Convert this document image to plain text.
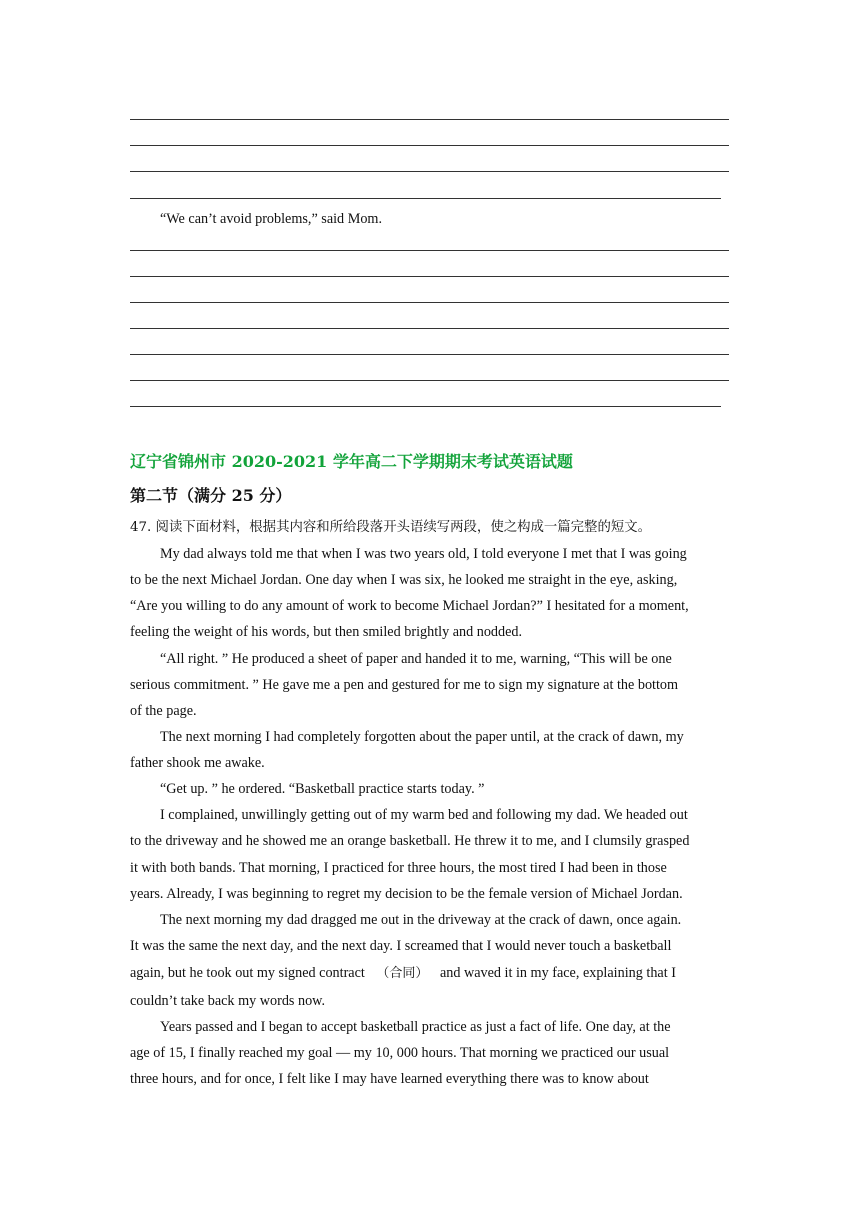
“We can’t avoid problems,” said Mom.
辽宁省锦州市 2020-2021 学年高二下学期期末考试英语试题
第二节（满分 25 分）
47. 阅读下面材料，根据其内容和所给段落开头语续写两段，使之构成一篇完整的短文。
My dad always told me that when I was two years old, I told everyone I met that I was going
to be the next Michael Jordan. One day when I was six, he looked me straight in the eye, asking,
“Are you willing to do any amount of work to become Michael Jordan?” I hesitated for a moment,
feeling the weight of his words, but then smiled brightly and nodded.
“All right. ” He produced a sheet of paper and handed it to me, warning, “This will be one
serious commitment. ” He gave me a pen and gestured for me to sign my signature at the bottom
of the page.
The next morning I had completely forgotten about the paper until, at the crack of dawn, my
father shook me awake.
“Get up. ” he ordered. “Basketball practice starts today. ”
I complained, unwillingly getting out of my warm bed and following my dad. We headed out
to the driveway and he showed me an orange basketball. He threw it to me, and I clumsily grasped
it with both bands. That morning, I practiced for three hours, the most tired I had been in those
years. Already, I was beginning to regret my decision to be the female version of Michael Jordan.
The next morning my dad dragged me out in the driveway at the crack of dawn, once again.
It was the same the next day, and the next day. I screamed that I would never touch a basketball
again, but he took out my signed contract （合同） and waved it in my face, explaining that I
couldn’t take back my words now.
Years passed and I began to accept basketball practice as just a fact of life. One day, at the
age of 15, I finally reached my goal — my 10, 000 hours. That morning we practiced our usual
three hours, and for once, I felt like I may have learned everything there was to know about
